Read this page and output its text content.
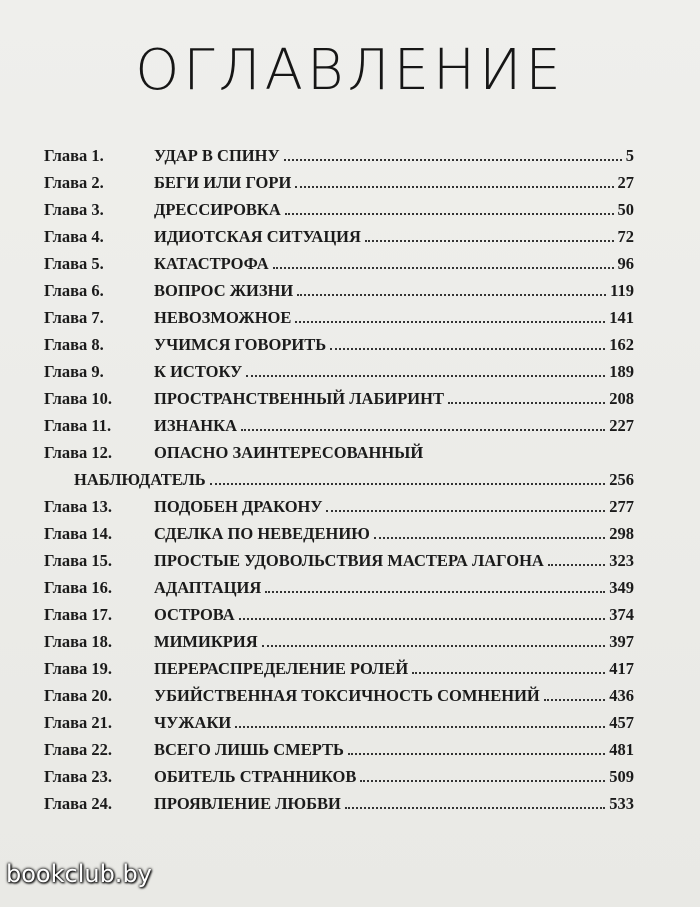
ОГЛАВЛЕНИЕ
Глава 1.	УДАР В СПИНУ	5
Глава 2.	БЕГИ ИЛИ ГОРИ	27
Глава 3.	ДРЕССИРОВКА	50
Глава 4.	ИДИОТСКАЯ СИТУАЦИЯ	72
Глава 5.	КАТАСТРОФА	96
Глава 6.	ВОПРОС ЖИЗНИ	119
Глава 7.	НЕВОЗМОЖНОЕ	141
Глава 8.	УЧИМСЯ ГОВОРИТЬ	162
Глава 9.	К ИСТОКУ	189
Глава 10.	ПРОСТРАНСТВЕННЫЙ ЛАБИРИНТ	208
Глава 11.	ИЗНАНКА	227
Глава 12.	ОПАСНО ЗАИНТЕРЕСОВАННЫЙ
НАБЛЮДАТЕЛЬ	256
Глава 13.	ПОДОБЕН ДРАКОНУ	277
Глава 14.	СДЕЛКА ПО НЕВЕДЕНИЮ	298
Глава 15.	ПРОСТЫЕ УДОВОЛЬСТВИЯ МАСТЕРА ЛАГОНА	323
Глава 16.	АДАПТАЦИЯ	349
Глава 17.	ОСТРОВА	374
Глава 18.	МИМИКРИЯ	397
Глава 19.	ПЕРЕРАСПРЕДЕЛЕНИЕ РОЛЕЙ	417
Глава 20.	УБИЙСТВЕННАЯ ТОКСИЧНОСТЬ СОМНЕНИЙ	436
Глава 21.	ЧУЖАКИ	457
Глава 22.	ВСЕГО ЛИШЬ СМЕРТЬ	481
Глава 23.	ОБИТЕЛЬ СТРАННИКОВ	509
Глава 24.	ПРОЯВЛЕНИЕ ЛЮБВИ	533
bookclub.by
